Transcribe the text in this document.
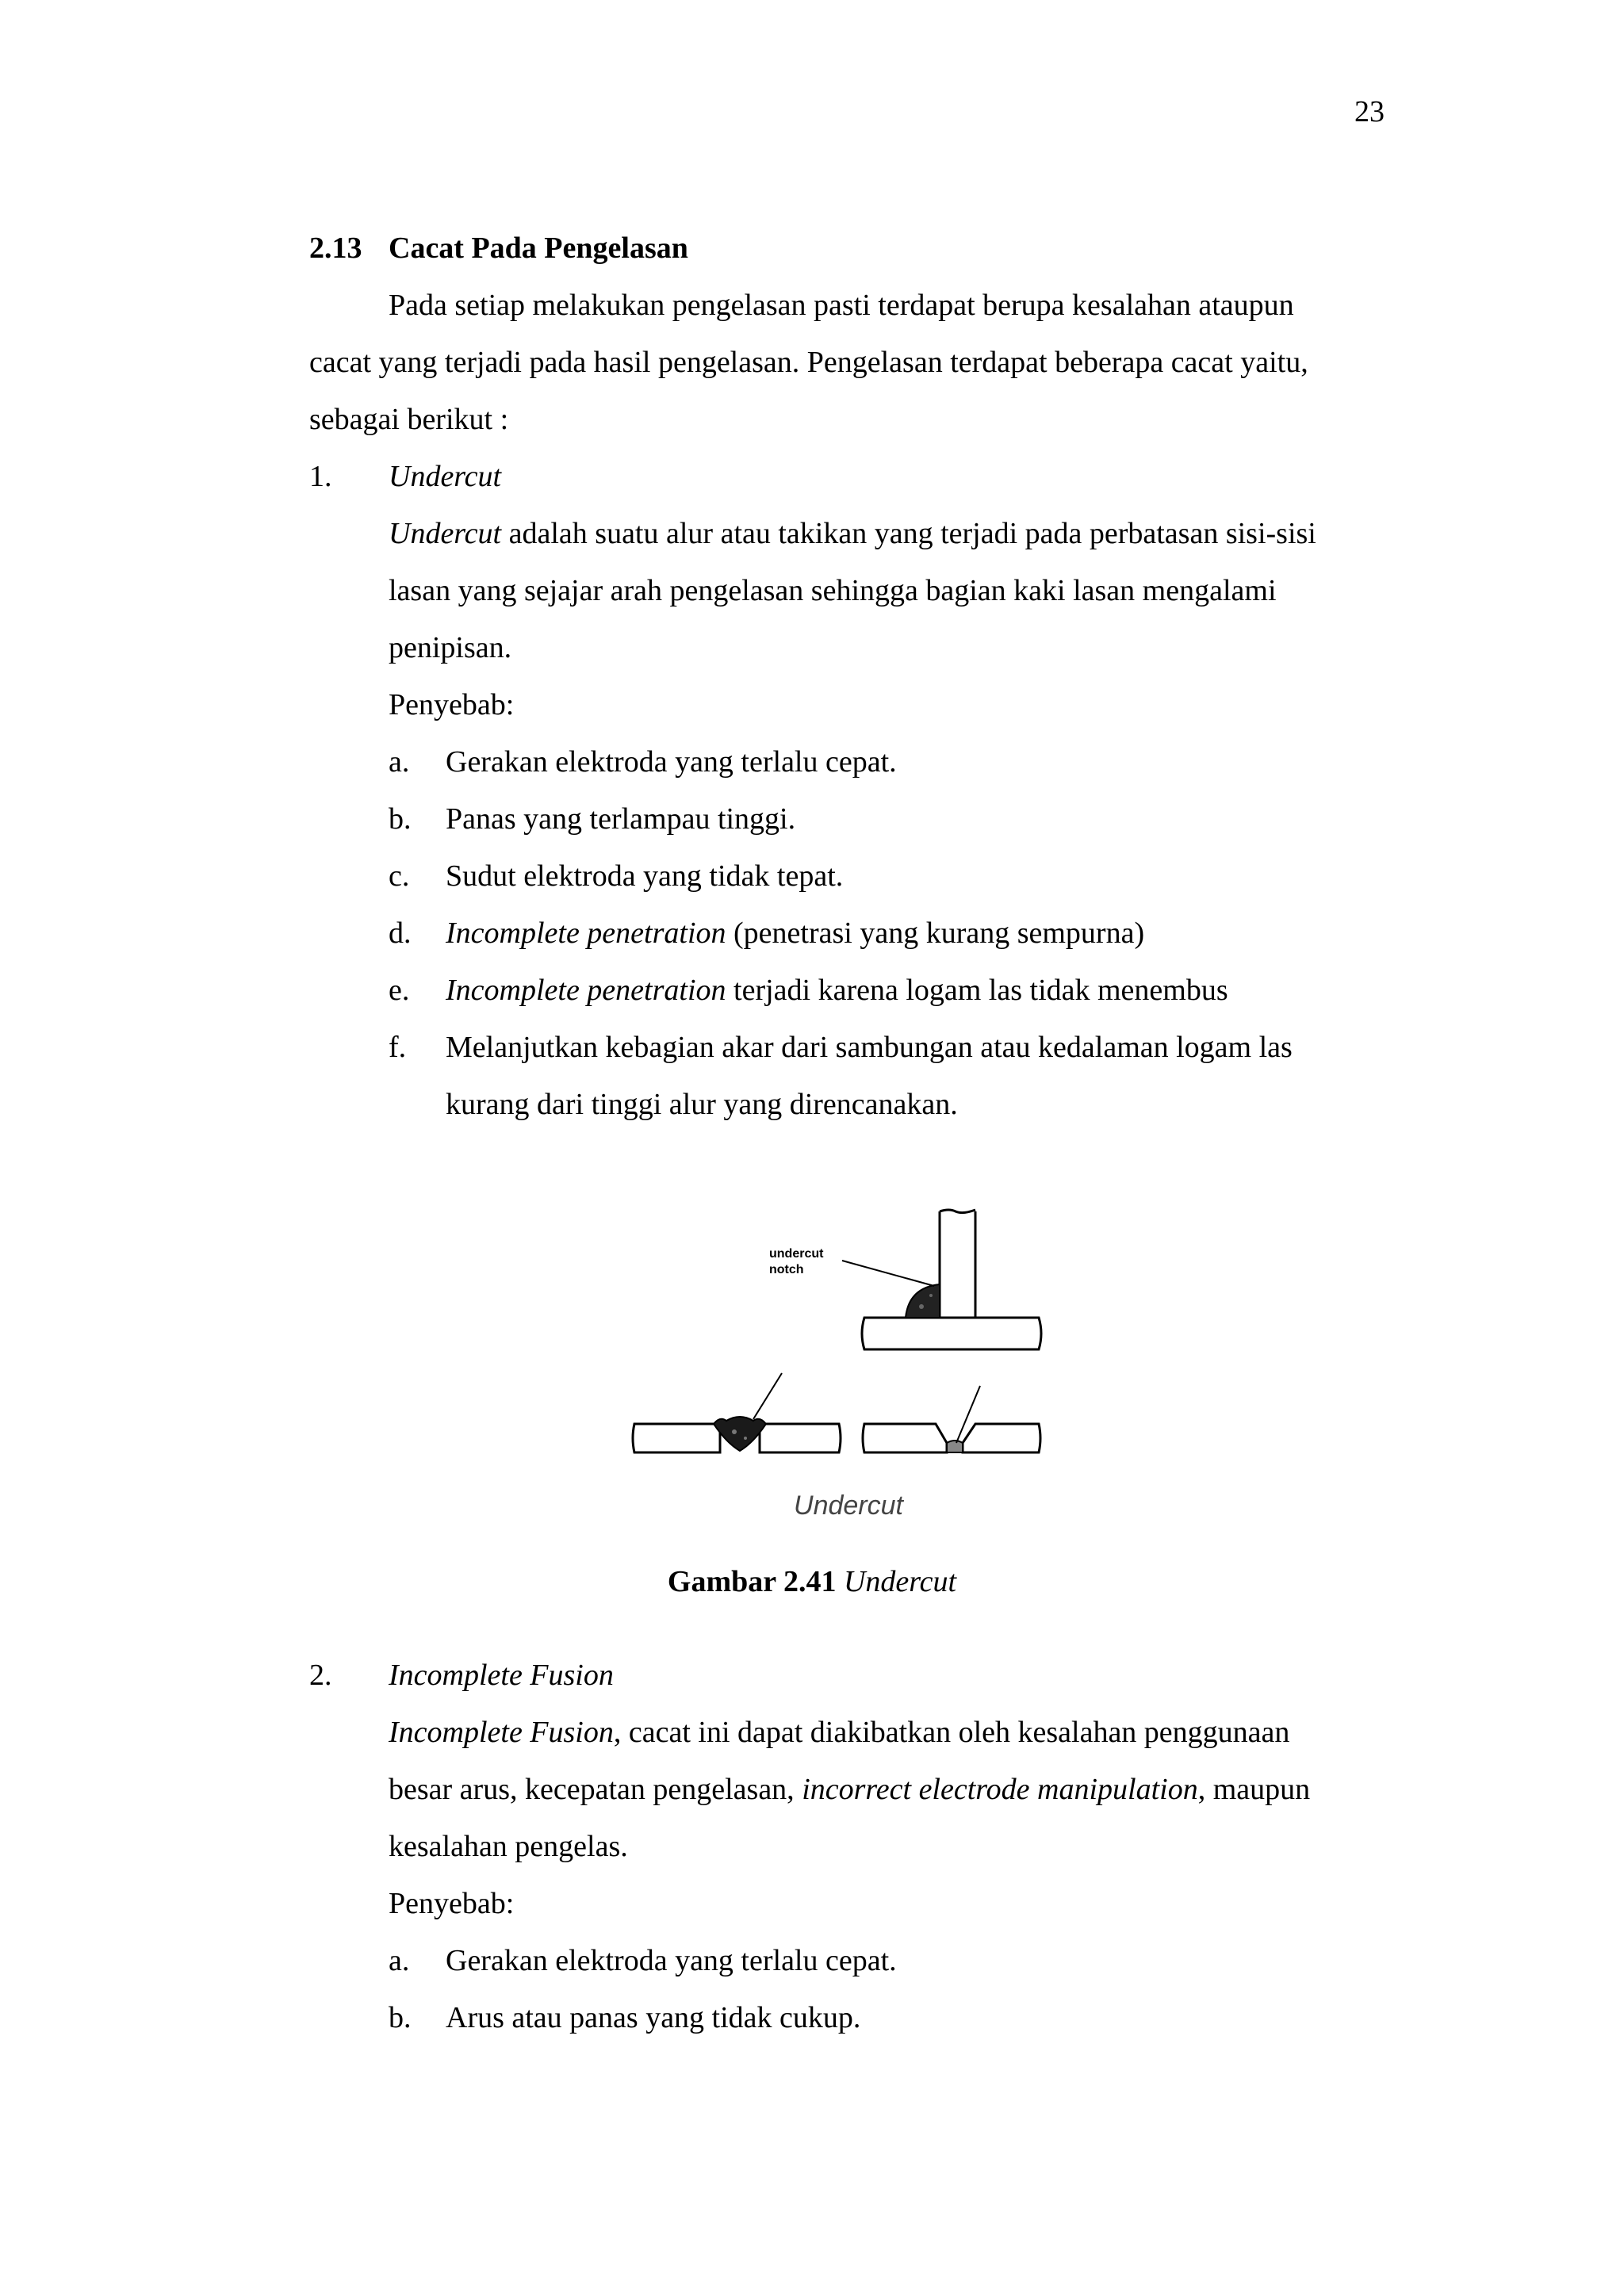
23
2.13 Cacat Pada Pengelasan
Pada setiap melakukan pengelasan pasti terdapat berupa kesalahan ataupun
cacat yang terjadi pada hasil pengelasan. Pengelasan terdapat beberapa cacat yaitu,
sebagai berikut :
1. Undercut
Undercut adalah suatu alur atau takikan yang terjadi pada perbatasan sisi-sisi
lasan yang sejajar arah pengelasan sehingga bagian kaki lasan mengalami
penipisan.
Penyebab:
a. Gerakan elektroda yang terlalu cepat.
b. Panas yang terlampau tinggi.
c. Sudut elektroda yang tidak tepat.
d. Incomplete penetration (penetrasi yang kurang sempurna)
e. Incomplete penetration terjadi karena logam las tidak menembus
f. Melanjutkan kebagian akar dari sambungan atau kedalaman logam las
kurang dari tinggi alur yang direncanakan.
undercut
notch
Undercut
Gambar 2.41 Undercut
2. Incomplete Fusion
Incomplete Fusion, cacat ini dapat diakibatkan oleh kesalahan penggunaan
besar arus, kecepatan pengelasan, incorrect electrode manipulation, maupun
kesalahan pengelas.
Penyebab:
a. Gerakan elektroda yang terlalu cepat.
b. Arus atau panas yang tidak cukup.
